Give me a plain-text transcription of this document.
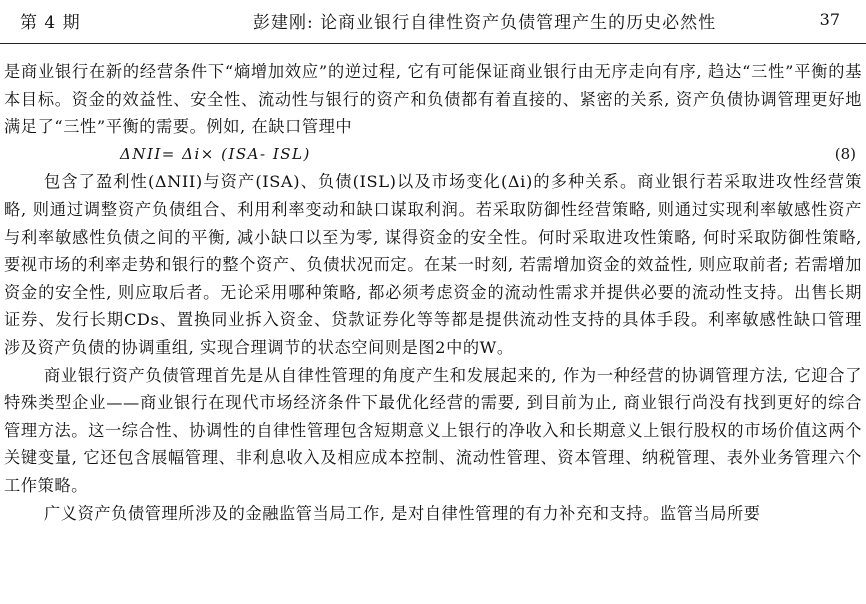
第 4 期	彭建刚: 论商业银行自律性资产负债管理产生的历史必然性	37

是商业银行在新的经营条件下“熵增加效应”的逆过程, 它有可能保证商业银行由无序走向有序, 趋达“三性”平衡的基本目标。资金的效益性、安全性、流动性与银行的资产和负债都有着直接的、紧密的关系, 资产负债协调管理更好地满足了“三性”平衡的需要。例如, 在缺口管理中

ΔNII= Δi× (ISA- ISL)	(8)

包含了盈利性(ΔNII)与资产(ISA)、负债(ISL)以及市场变化(Δi)的多种关系。商业银行若采取进攻性经营策略, 则通过调整资产负债组合、利用利率变动和缺口谋取利润。若采取防御性经营策略, 则通过实现利率敏感性资产与利率敏感性负债之间的平衡, 减小缺口以至为零, 谋得资金的安全性。何时采取进攻性策略, 何时采取防御性策略, 要视市场的利率走势和银行的整个资产、负债状况而定。在某一时刻, 若需增加资金的效益性, 则应取前者; 若需增加资金的安全性, 则应取后者。无论采用哪种策略, 都必须考虑资金的流动性需求并提供必要的流动性支持。出售长期证券、发行长期CDs、置换同业拆入资金、贷款证券化等等都是提供流动性支持的具体手段。利率敏感性缺口管理涉及资产负债的协调重组, 实现合理调节的状态空间则是图2中的W。

商业银行资产负债管理首先是从自律性管理的角度产生和发展起来的, 作为一种经营的协调管理方法, 它迎合了特殊类型企业——商业银行在现代市场经济条件下最优化经营的需要, 到目前为止, 商业银行尚没有找到更好的综合管理方法。这一综合性、协调性的自律性管理包含短期意义上银行的净收入和长期意义上银行股权的市场价值这两个关键变量, 它还包含展幅管理、非利息收入及相应成本控制、流动性管理、资本管理、纳税管理、表外业务管理六个工作策略。

广义资产负债管理所涉及的金融监管当局工作, 是对自律性管理的有力补充和支持。监管当局所要
